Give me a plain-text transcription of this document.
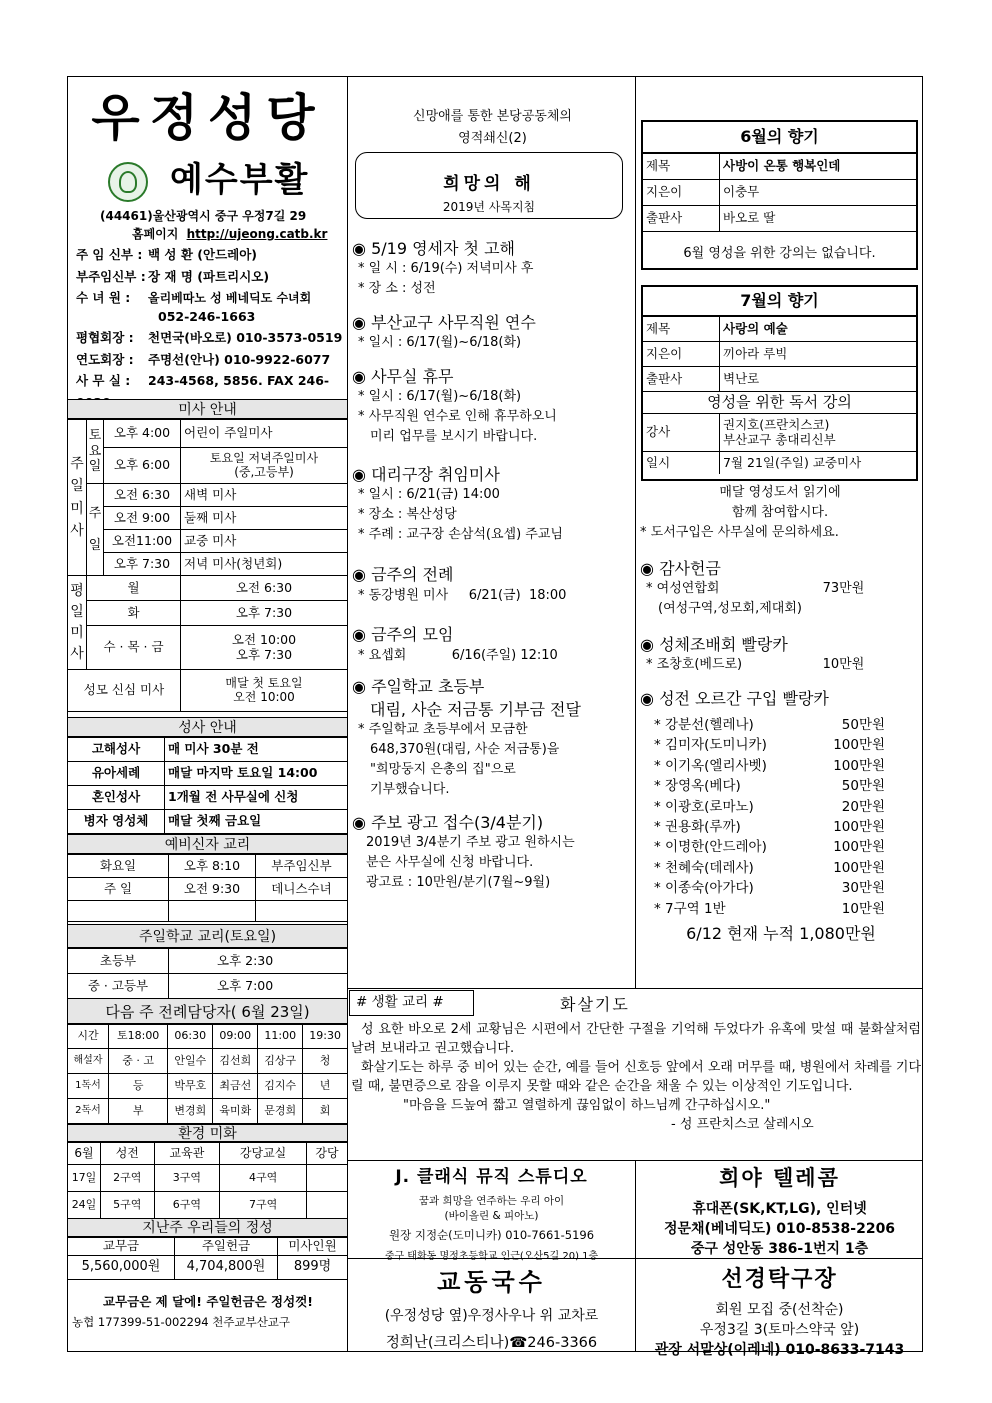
우정성당
예수부활
(44461)울산광역시 중구 우정7길 29
홈페이지 http://ujeong.catb.kr
주 임 신부 : 백 성 환 (안드레아)
부주임신부 : 장 재 명 (파트리시오)
수 녀 원 : 올리베따노 성 베네딕도 수녀회
052-246-1663
평협회장 : 천면국(바오로) 010-3573-0519
연도회장 : 주명선(안나) 010-9922-6077
사 무 실 : 243-4568, 5856. FAX 246-
미사 안내
주일미사	토요일	오후 4:00	어린이 주일미사
		오후 6:00	토요일 저녁주일미사
(중,고등부)

	주일	오전 6:30	새벽 미사
		오전 9:00	둘째 미사
		오전11:00	교중 미사
		오후 7:30	저녁 미사(청년회)
평일미사	월		오전 6:30
	화		오후 7:30
	수 · 목 · 금		오전 10:00
오후 7:30

성모 신심 미사			매달 첫 토요일
오전 10:00
성사 안내
고해성사	매 미사 30분 전
유아세례	매달 마지막 토요일 14:00
혼인성사	1개월 전 사무실에 신청
병자 영성체	매달 첫째 금요일
예비신자 교리
화요일	오후 8:10	부주임신부
주 일	오전 9:30	데니스수녀

주일학교 교리(토요일)
초등부	오후 2:30
중 · 고등부	오후 7:00
다음 주 전례담당자( 6월 23일)
시간	토18:00	06:30	09:00	11:00	19:30
해설자	중 · 고	안일수	김선희	김상구	청
1독서	등	박무호	최금선	김지수	년
2독서	부	변경희	육미화	문경희	회
환경 미화
6월	성전	교육관	강당교실	강당
17일	2구역	3구역	4구역	
24일	5구역	6구역	7구역	
지난주 우리들의 정성
교무금	주일헌금	미사인원
5,560,000원	4,704,800원	899명
교무금은 제 달에! 주일헌금은 정성껏!
농협 177399-51-002294 천주교부산교구
신망애를 통한 본당공동체의
영적쇄신(2)
희망의 해
2019년 사목지침
◉ 5/19 영세자 첫 고해
* 일 시 : 6/19(수) 저녁미사 후
* 장 소 : 성전
◉ 부산교구 사무직원 연수
* 일시 : 6/17(월)~6/18(화)
◉ 사무실 휴무
* 일시 : 6/17(월)~6/18(화)
* 사무직원 연수로 인해 휴무하오니
미리 업무를 보시기 바랍니다.
◉ 대리구장 취임미사
* 일시 : 6/21(금) 14:00
* 장소 : 복산성당
* 주례 : 교구장 손삼석(요셉) 주교님
◉ 금주의 전례
* 동강병원 미사     6/21(금)  18:00
◉ 금주의 모임
* 요셉회           6/16(주일) 12:10
◉ 주일학교 초등부
대림, 사순 저금통 기부금 전달
* 주일학교 초등부에서 모금한
648,370원(대림, 사순 저금통)을
"희망둥지 은총의 집"으로
기부했습니다.
◉ 주보 광고 접수(3/4분기)
2019년 3/4분기 주보 광고 원하시는
분은 사무실에 신청 바랍니다.
광고료 : 10만원/분기(7월~9월)
6월의 향기
제목	사방이 온통 행복인데
지은이	이충무
출판사	바오로 딸
6월 영성을 위한 강의는 없습니다.
7월의 향기
제목	사랑의 예술
지은이	끼아라 루빅
출판사	벽난로
영성을 위한 독서 강의	
강사	권지호(프란치스코)
부산교구 총대리신부

일시	7월 21일(주일) 교중미사
매달 영성도서 읽기에
함께 참여합시다.
* 도서구입은 사무실에 문의하세요.
◉ 감사헌금
* 여성연합회	73만원
(여성구역,성모회,제대회)
◉ 성체조배회 빨랑카
* 조창호(베드로)	10만원
◉ 성전 오르간 구입 빨랑카
* 강분선(헬레나)	50만원
* 김미자(도미니카)	100만원
* 이기옥(엘리사벳)	100만원
* 장영옥(베다)	50만원
* 이광호(로마노)	20만원
* 권용화(루까)	100만원
* 이명한(안드레아)	100만원
* 천혜숙(데레사)	100만원
* 이종숙(아가다)	30만원
* 7구역 1반	10만원
6/12 현재 누적 1,080만원
# 생활 교리 #	화살기도
성 요한 바오로 2세 교황님은 시편에서 간단한 구절을 기억해 두었다가 유혹에 맞설 때 불화살처럼 날려 보내라고 권고했습니다.
화살기도는 하루 중 비어 있는 순간, 예를 들어 신호등 앞에서 오래 머무를 때, 병원에서 차례를 기다릴 때, 불면증으로 잠을 이루지 못할 때와 같은 순간을 채울 수 있는 이상적인 기도입니다.
"마음을 드높여 짧고 열렬하게 끊임없이 하느님께 간구하십시오."
- 성 프란치스코 살레시오
J. 클래식 뮤직 스튜디오
꿈과 희망을 연주하는 우리 아이
(바이올린 & 피아노)
원장 지정순(도미니카) 010-7661-5196
중구 태화동 명정초등학교 인근(오산5길 20) 1층
희야 텔레콤
휴대폰(SK,KT,LG), 인터넷
정문채(베네딕도) 010-8538-2206
중구 성안동 386-1번지 1층
교동국수
(우정성당 옆)우정사우나 위 교차로
정희난(크리스티나)☎246-3366
선경탁구장
회원 모집 중(선착순)
우정3길 3(토마스약국 앞)
관장 서말상(이레네) 010-8633-7143
